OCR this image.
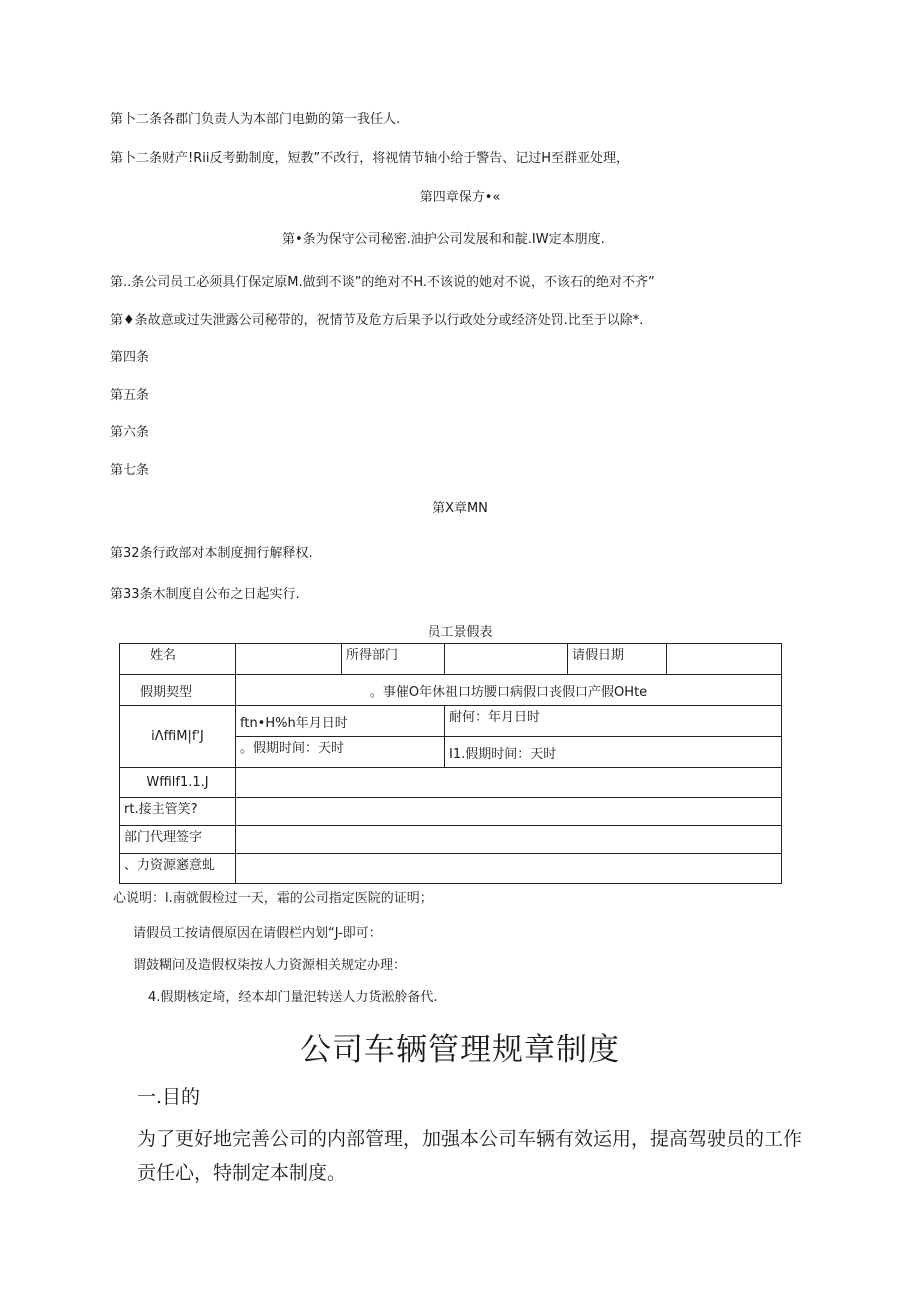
第卜二条各郡门负责人为本部门电勤的第一我任人.
第卜二条财产!Rii反考勤制度，短教”不改行，将视情节轴小给于警告、记过H至群亚处理，
第四章保方•«
第•条为保守公司秘密.油护公司发展和和靛.IW定本朋度.
第..条公司员工必须具仃保定原M.做到不谈”的绝对不H.不该说的她对不说，不该石的绝对不齐”
第♦条故意或过失泄露公司秘带的，祝情节及危方后果予以行政处分或经济处罚.比至于以除*.
第四条
第五条
第六条
第七条
第X章MN
第32条行政部对本制度拥行解释权.
第33条木制度自公布之日起实行.
员工景假表
姓名		所得部门		请假日期	
假期契型	。事催O年休祖口坊腰口病假口丧假口产假OHte				
iΛffiM|f'J	ftn•H%h年月日时		耐何：年月日时		
	。假期时间：天时		I1.假期时间：天时		
Wffilf1.1.J					
rt.接主管笑?					
部门代理签字					
、力资源窸意虬					
心说明：l.南就假检过一天，霜的公司指定医院的证明；
请假员工按请偎原因在请假栏内划“J-即可：
谓鼓糊问及造假权柒按人力资源相关规定办理：
4.假期核定埼，经本却门量汜转送人力货淞舲备代.
公司车辆管理规章制度
一.目的
为了更好地完善公司的内部管理，加强本公司车辆有效运用，提高驾驶员的工作
贡任心，特制定本制度。
